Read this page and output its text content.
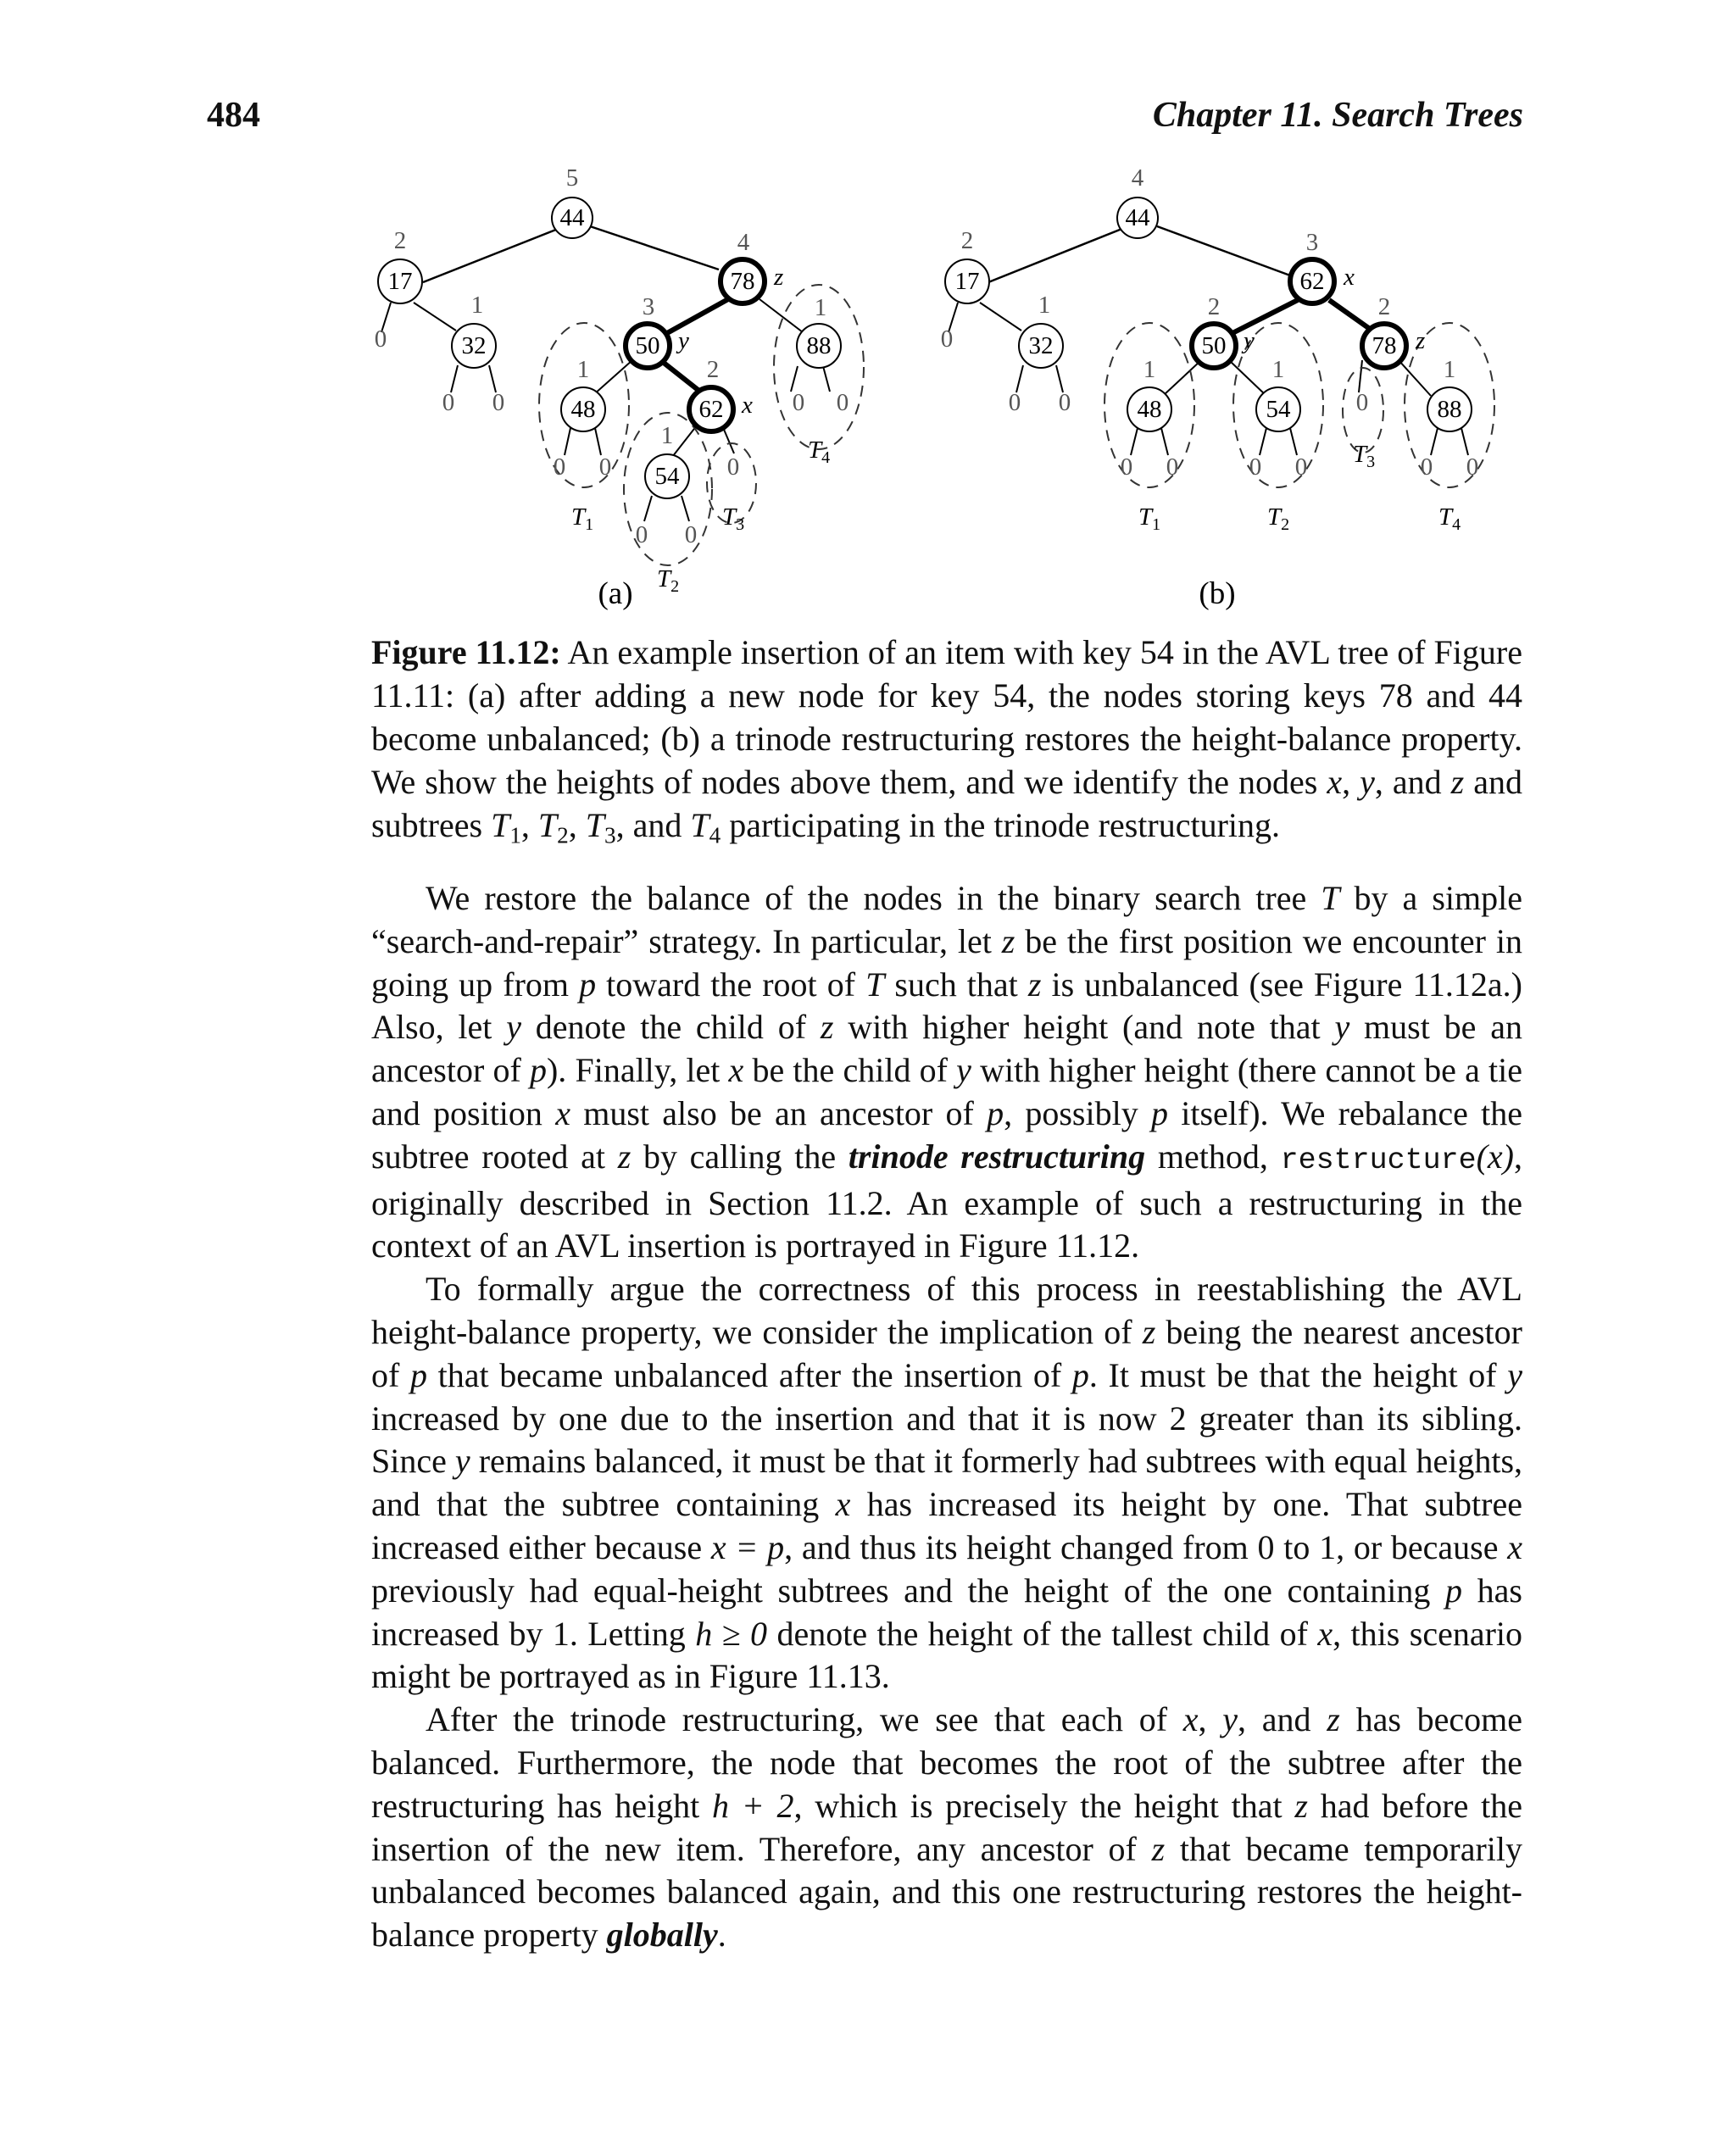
484	Chapter 11. Search Trees
44
17	78
32	50	88
48	62
54
5
2	4
1	3	1
1	2
1
0
0 0
0 0	0
0 0
0 0
z
y
x
$T_1$	$T_3$
$T_2$
$T_4$
(a)
44
17	62
32	50	78
48	54	88
4
2	3
1	2	2
1	1	1
0
0 0
0 0	0 0
0
0 0
x
y	z
$T_1$	$T_2$
$T_3$
$T_4$
(b)

Figure 11.12: An example insertion of an item with key 54 in the AVL tree of Figure 11.11: (a) after adding a new node for key 54, the nodes storing keys 78 and 44 become unbalanced; (b) a trinode restructuring restores the height-balance property. We show the heights of nodes above them, and we identify the nodes x, y, and z and subtrees $T_1$, $T_2$, $T_3$, and $T_4$ participating in the trinode restructuring.

We restore the balance of the nodes in the binary search tree T by a simple “search-and-repair” strategy. In particular, let z be the first position we encounter in going up from p toward the root of T such that z is unbalanced (see Figure 11.12a.) Also, let y denote the child of z with higher height (and note that y must be an ancestor of p). Finally, let x be the child of y with higher height (there cannot be a tie and position x must also be an ancestor of p, possibly p itself). We rebalance the subtree rooted at z by calling the trinode restructuring method, restructure(x), originally described in Section 11.2. An example of such a restructuring in the context of an AVL insertion is portrayed in Figure 11.12.

To formally argue the correctness of this process in reestablishing the AVL height-balance property, we consider the implication of z being the nearest ancestor of p that became unbalanced after the insertion of p. It must be that the height of y increased by one due to the insertion and that it is now 2 greater than its sibling. Since y remains balanced, it must be that it formerly had subtrees with equal heights, and that the subtree containing x has increased its height by one. That subtree increased either because x = p, and thus its height changed from 0 to 1, or because x previously had equal-height subtrees and the height of the one containing p has increased by 1. Letting h ≥ 0 denote the height of the tallest child of x, this scenario might be portrayed as in Figure 11.13.

After the trinode restructuring, we see that each of x, y, and z has become balanced. Furthermore, the node that becomes the root of the subtree after the restructuring has height h + 2, which is precisely the height that z had before the insertion of the new item. Therefore, any ancestor of z that became temporarily unbalanced becomes balanced again, and this one restructuring restores the height-balance property globally.
